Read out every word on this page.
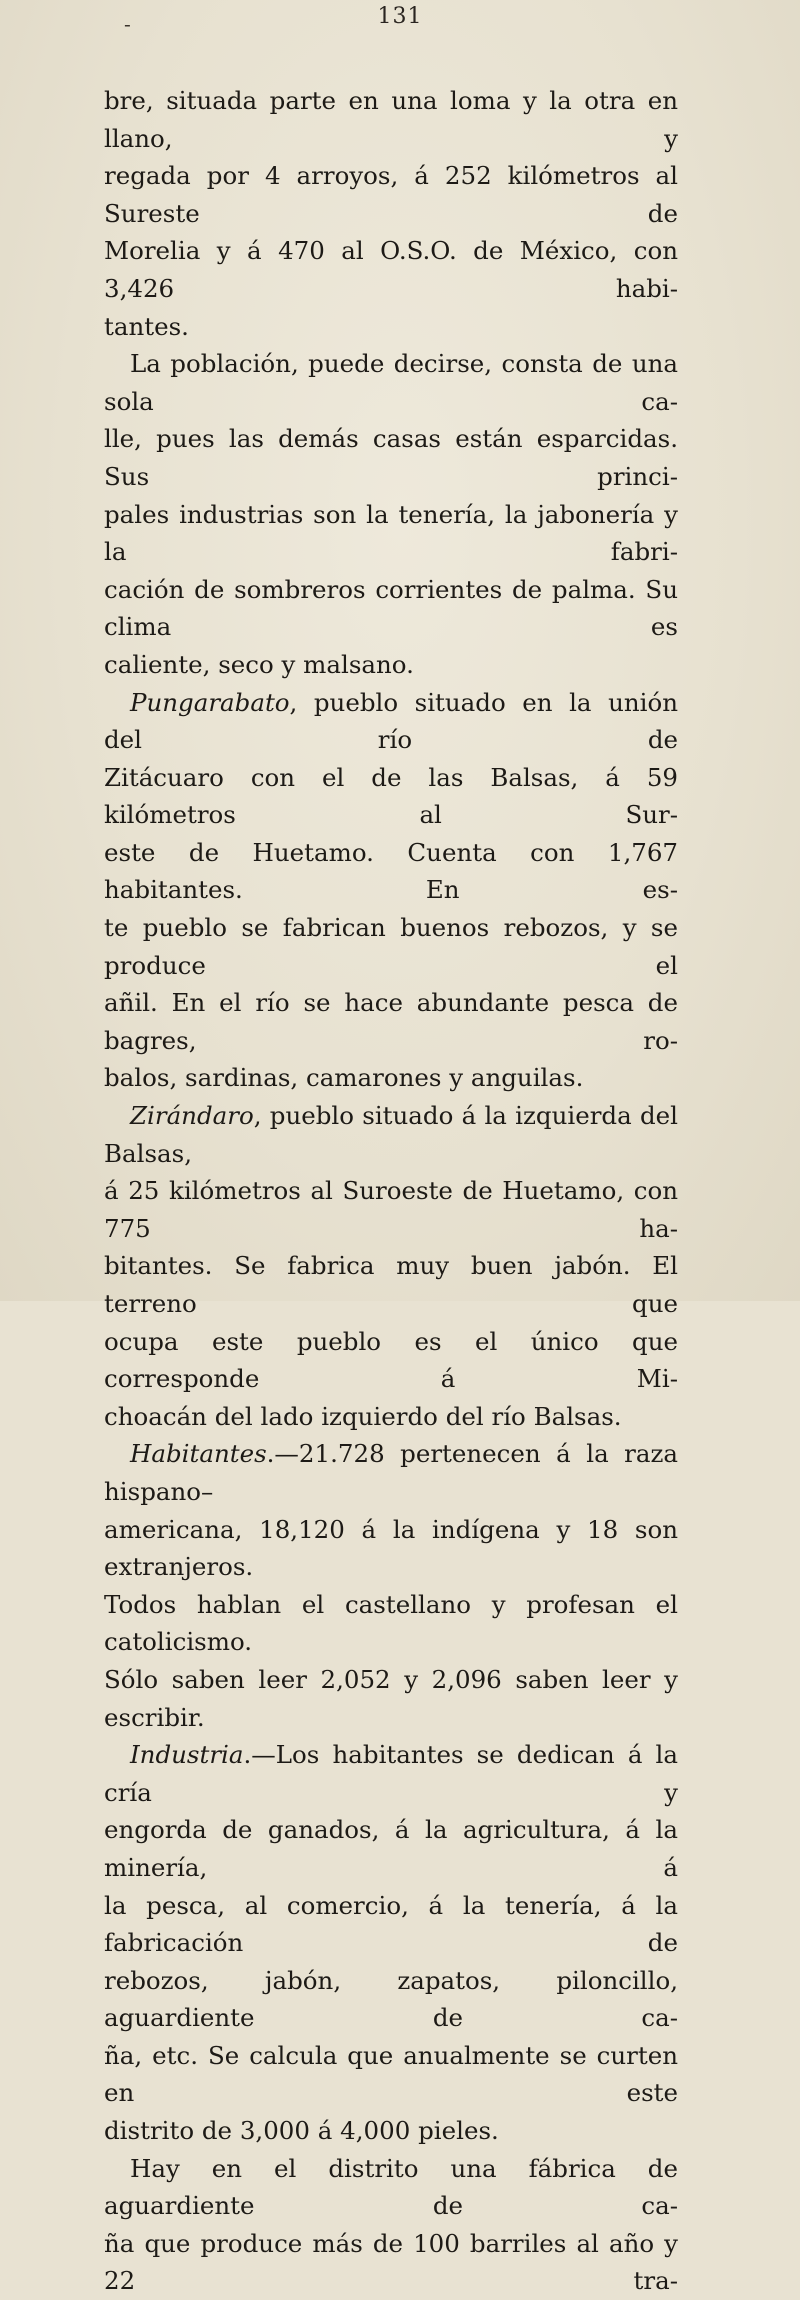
-	131

bre, situada parte en una loma y la otra en llano, y

regada por 4 arroyos, á 252 kilómetros al Sureste de

Morelia y á 470 al O.S.O. de México, con 3,426 habi-

tantes.

La población, puede decirse, consta de una sola ca-

lle, pues las demás casas están esparcidas. Sus princi-

pales industrias son la tenería, la jabonería y la fabri-

cación de sombreros corrientes de palma. Su clima es

caliente, seco y malsano.

Pungarabato, pueblo situado en la unión del río de

Zitácuaro con el de las Balsas, á 59 kilómetros al Sur-

este de Huetamo. Cuenta con 1,767 habitantes. En es-

te pueblo se fabrican buenos rebozos, y se produce el

añil. En el río se hace abundante pesca de bagres, ro-

balos, sardinas, camarones y anguilas.

Zirándaro, pueblo situado á la izquierda del Balsas,

á 25 kilómetros al Suroeste de Huetamo, con 775 ha-

bitantes. Se fabrica muy buen jabón. El terreno que

ocupa este pueblo es el único que corresponde á Mi-

choacán del lado izquierdo del río Balsas.

Habitantes.—21.728 pertenecen á la raza hispano–

americana, 18,120 á la indígena y 18 son extranjeros.

Todos hablan el castellano y profesan el catolicismo.

Sólo saben leer 2,052 y 2,096 saben leer y escribir.

Industria.—Los habitantes se dedican á la cría y

engorda de ganados, á la agricultura, á la minería, á

la pesca, al comercio, á la tenería, á la fabricación de

rebozos, jabón, zapatos, piloncillo, aguardiente de ca-

ña, etc. Se calcula que anualmente se curten en este

distrito de 3,000 á 4,000 pieles.

Hay en el distrito una fábrica de aguardiente de ca-

ña que produce más de 100 barriles al año y 22 tra-
